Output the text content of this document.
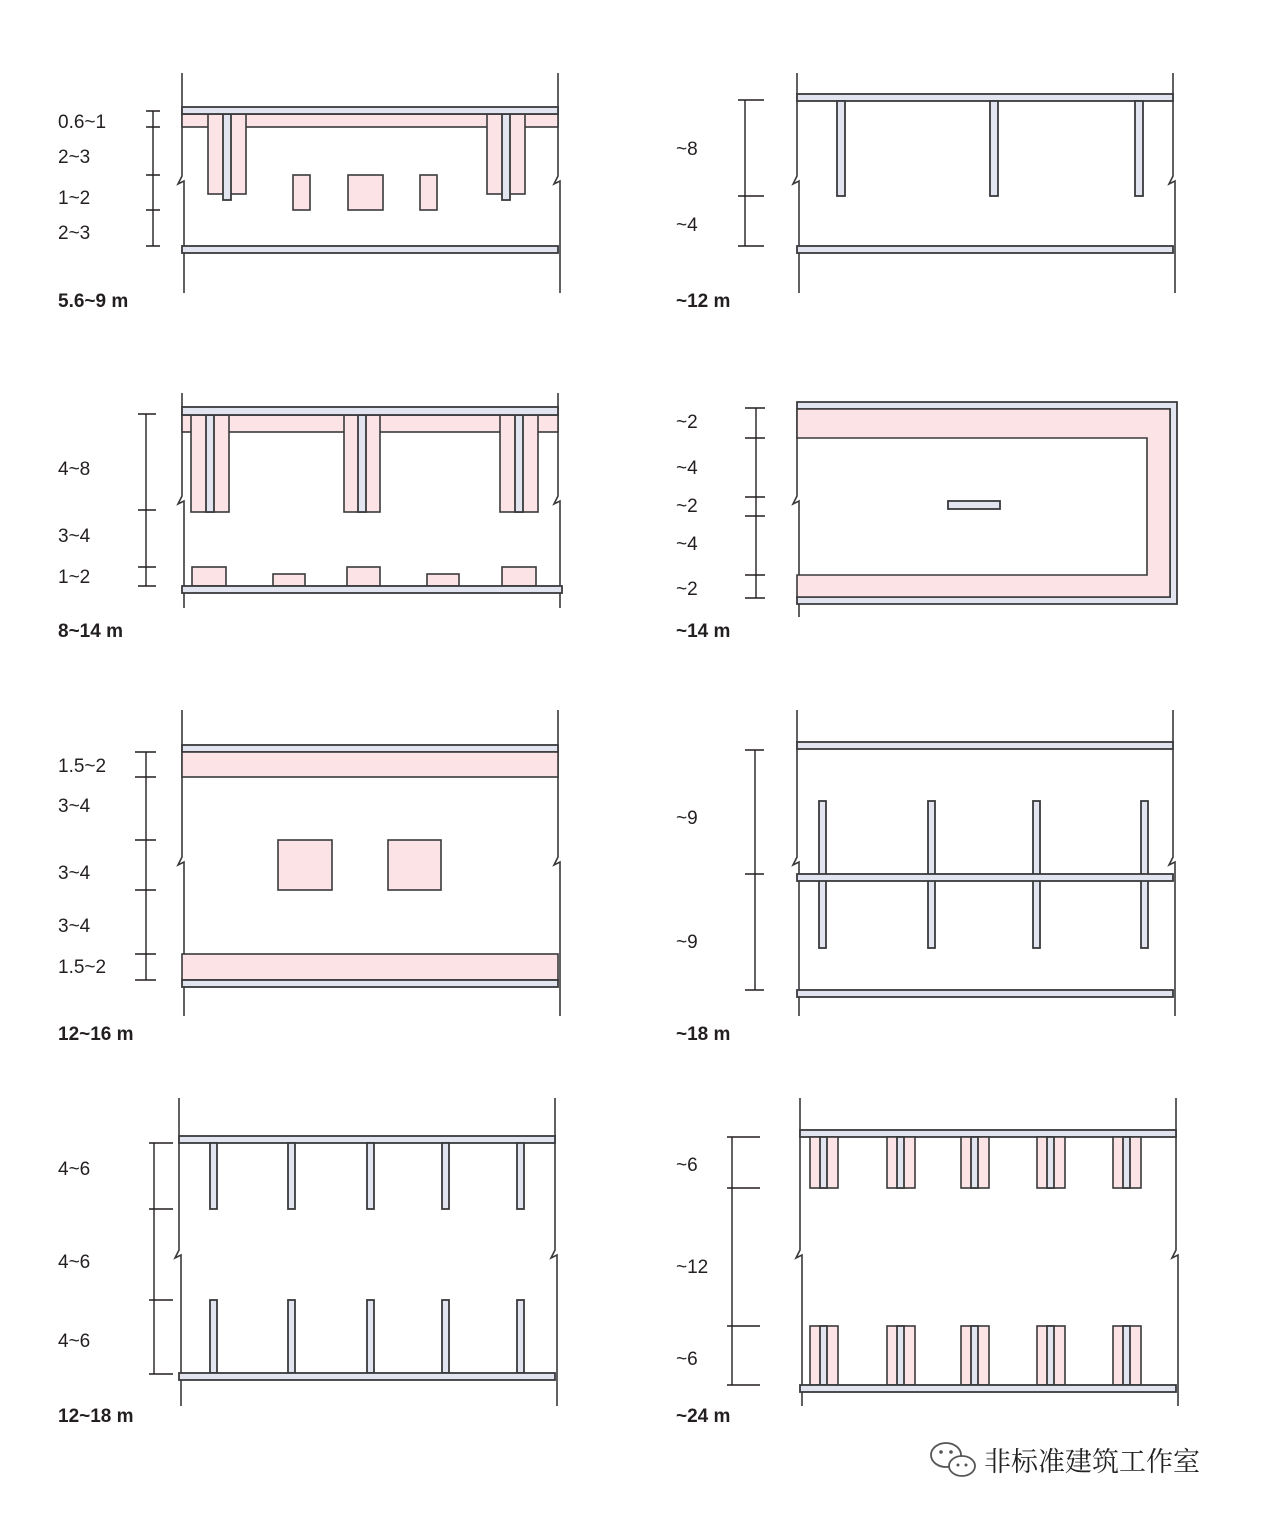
0.6~1
2~3
1~2
2~3
5.6~9 m
~8
~4
~12 m
4~8
3~4
1~2
8~14 m
~2
~4
~2
~4
~2
~14 m
1.5~2
3~4
3~4
3~4
1.5~2
12~16 m
~9
~9
~18 m
4~6
4~6
4~6
12~18 m
~6
~12
~6
~24 m
非标准建筑工作室
